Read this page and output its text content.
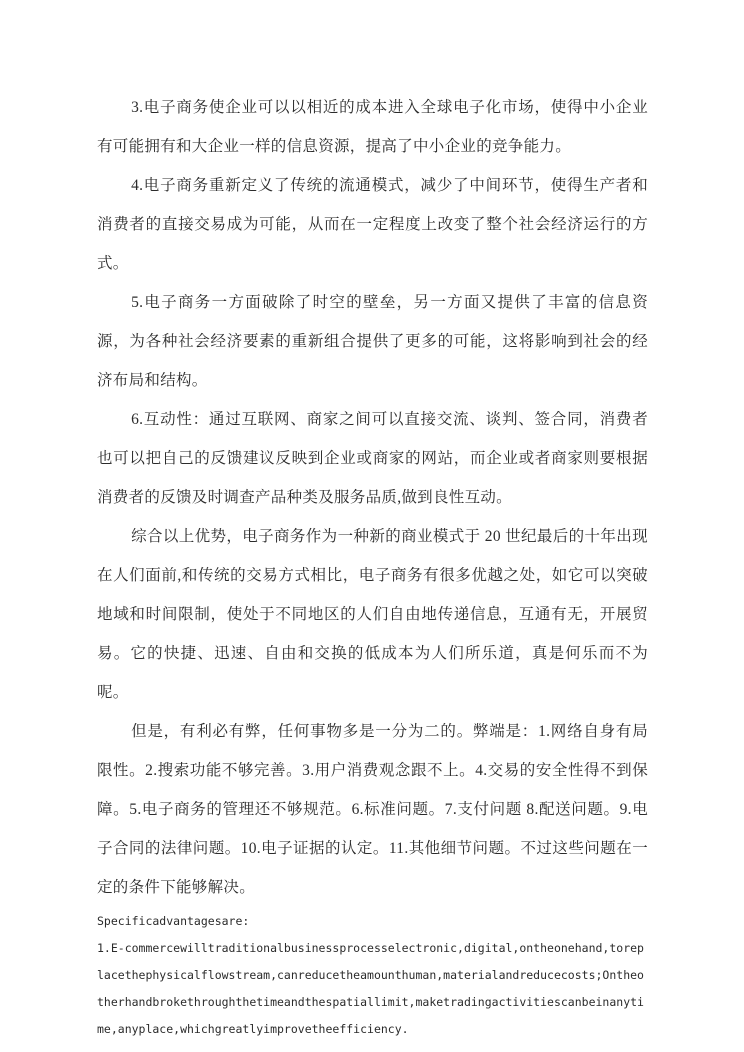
3.电子商务使企业可以以相近的成本进入全球电子化市场，使得中小企业有可能拥有和大企业一样的信息资源，提高了中小企业的竞争能力。

4.电子商务重新定义了传统的流通模式，减少了中间环节，使得生产者和消费者的直接交易成为可能，从而在一定程度上改变了整个社会经济运行的方式。

5.电子商务一方面破除了时空的壁垒，另一方面又提供了丰富的信息资源，为各种社会经济要素的重新组合提供了更多的可能，这将影响到社会的经济布局和结构。

6.互动性：通过互联网、商家之间可以直接交流、谈判、签合同，消费者也可以把自己的反馈建议反映到企业或商家的网站，而企业或者商家则要根据消费者的反馈及时调查产品种类及服务品质,做到良性互动。

综合以上优势，电子商务作为一种新的商业模式于 20 世纪最后的十年出现在人们面前,和传统的交易方式相比，电子商务有很多优越之处，如它可以突破地域和时间限制，使处于不同地区的人们自由地传递信息，互通有无，开展贸易。它的快捷、迅速、自由和交换的低成本为人们所乐道，真是何乐而不为呢。

但是，有利必有弊，任何事物多是一分为二的。弊端是：1.网络自身有局限性。2.搜索功能不够完善。3.用户消费观念跟不上。4.交易的安全性得不到保障。5.电子商务的管理还不够规范。6.标准问题。7.支付问题 8.配送问题。9.电子合同的法律问题。10.电子证据的认定。11.其他细节问题。不过这些问题在一定的条件下能够解决。

Specificadvantagesare:

1.E-commercewilltraditionalbusinessprocesselectronic,digital,ontheonehand,toreplacethephysicalflowstream,canreducetheamounthuman,materialandreducecosts;Ontheotherhandbrokethroughthetimeandthespatiallimit,maketradingactivitiescanbeinanytime,anyplace,whichgreatlyimprovetheefficiency.
